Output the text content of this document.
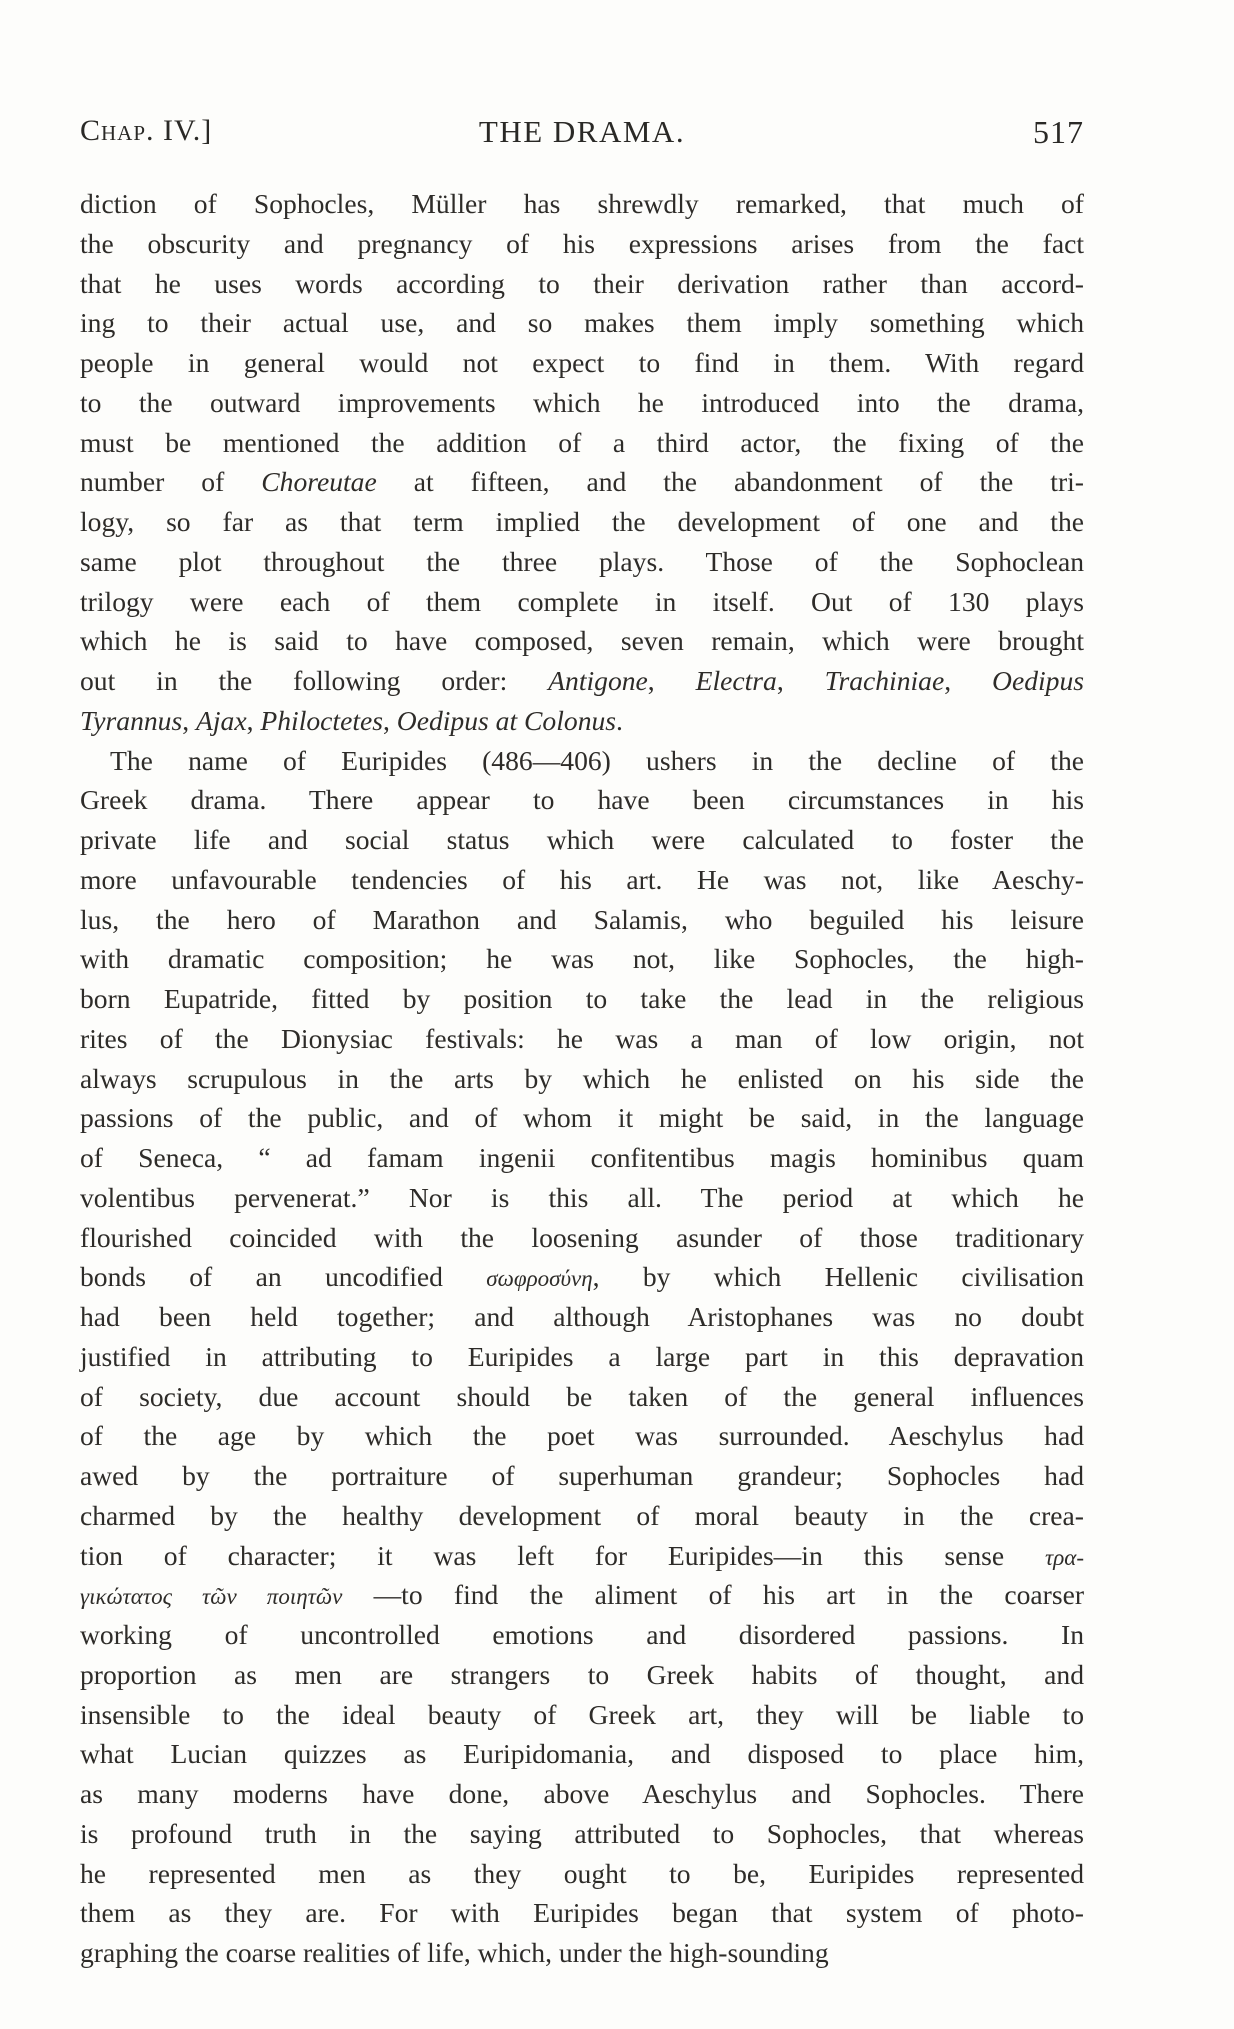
Chap. IV.]	THE DRAMA.	517
diction of Sophocles, Müller has shrewdly remarked, that much of
the obscurity and pregnancy of his expressions arises from the fact
that he uses words according to their derivation rather than accord-
ing to their actual use, and so makes them imply something which
people in general would not expect to find in them. With regard
to the outward improvements which he introduced into the drama,
must be mentioned the addition of a third actor, the fixing of the
number of Choreutae at fifteen, and the abandonment of the tri-
logy, so far as that term implied the development of one and the
same plot throughout the three plays. Those of the Sophoclean
trilogy were each of them complete in itself. Out of 130 plays
which he is said to have composed, seven remain, which were brought
out in the following order: Antigone, Electra, Trachiniae, Oedipus
Tyrannus, Ajax, Philoctetes, Oedipus at Colonus.
The name of Euripides (486—406) ushers in the decline of the
Greek drama. There appear to have been circumstances in his
private life and social status which were calculated to foster the
more unfavourable tendencies of his art. He was not, like Aeschy-
lus, the hero of Marathon and Salamis, who beguiled his leisure
with dramatic composition; he was not, like Sophocles, the high-
born Eupatride, fitted by position to take the lead in the religious
rites of the Dionysiac festivals: he was a man of low origin, not
always scrupulous in the arts by which he enlisted on his side the
passions of the public, and of whom it might be said, in the language
of Seneca, “ ad famam ingenii confitentibus magis hominibus quam
volentibus pervenerat.” Nor is this all. The period at which he
flourished coincided with the loosening asunder of those traditionary
bonds of an uncodified σωφροσύνη, by which Hellenic civilisation
had been held together; and although Aristophanes was no doubt
justified in attributing to Euripides a large part in this depravation
of society, due account should be taken of the general influences
of the age by which the poet was surrounded. Aeschylus had
awed by the portraiture of superhuman grandeur; Sophocles had
charmed by the healthy development of moral beauty in the crea-
tion of character; it was left for Euripides—in this sense τρα-
γικώτατος τῶν ποιητῶν —to find the aliment of his art in the coarser
working of uncontrolled emotions and disordered passions. In
proportion as men are strangers to Greek habits of thought, and
insensible to the ideal beauty of Greek art, they will be liable to
what Lucian quizzes as Euripidomania, and disposed to place him,
as many moderns have done, above Aeschylus and Sophocles. There
is profound truth in the saying attributed to Sophocles, that whereas
he represented men as they ought to be, Euripides represented
them as they are. For with Euripides began that system of photo-
graphing the coarse realities of life, which, under the high-sounding
